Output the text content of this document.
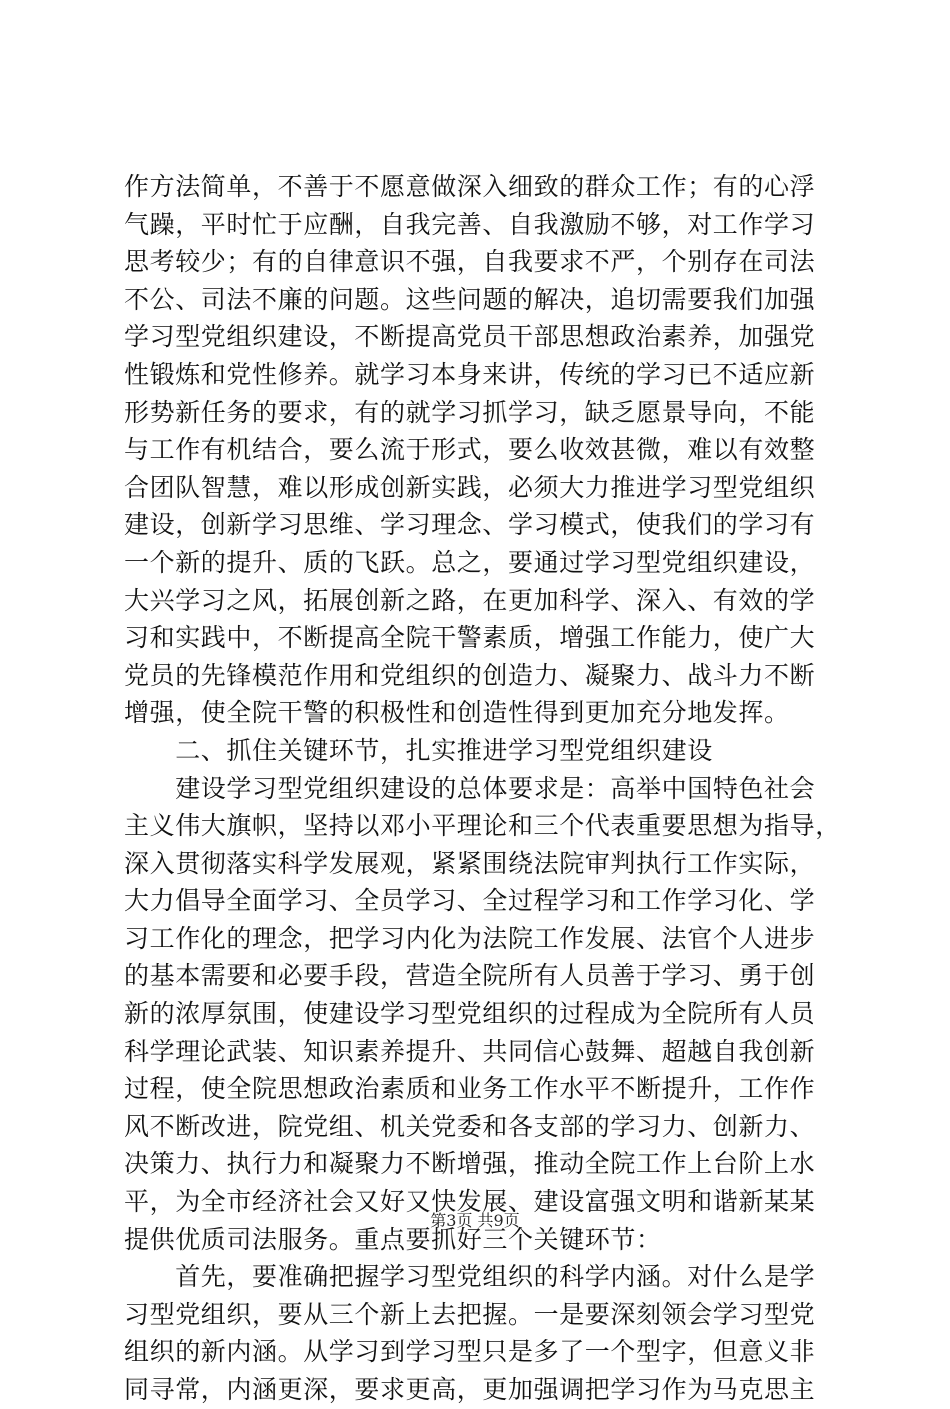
作方法简单，不善于不愿意做深入细致的群众工作；有的心浮
气躁，平时忙于应酬，自我完善、自我激励不够，对工作学习
思考较少；有的自律意识不强，自我要求不严，个别存在司法
不公、司法不廉的问题。这些问题的解决，追切需要我们加强
学习型党组织建设，不断提高党员干部思想政治素养，加强党
性锻炼和党性修养。就学习本身来讲，传统的学习已不适应新
形势新任务的要求，有的就学习抓学习，缺乏愿景导向，不能
与工作有机结合，要么流于形式，要么收效甚微，难以有效整
合团队智慧，难以形成创新实践，必须大力推进学习型党组织
建设，创新学习思维、学习理念、学习模式，使我们的学习有
一个新的提升、质的飞跃。总之，要通过学习型党组织建设，
大兴学习之风，拓展创新之路，在更加科学、深入、有效的学
习和实践中，不断提高全院干警素质，增强工作能力，使广大
党员的先锋模范作用和党组织的创造力、凝聚力、战斗力不断
增强，使全院干警的积极性和创造性得到更加充分地发挥。
　　二、抓住关键环节，扎实推进学习型党组织建设
　　建设学习型党组织建设的总体要求是：高举中国特色社会
主义伟大旗帜，坚持以邓小平理论和三个代表重要思想为指导，
深入贯彻落实科学发展观，紧紧围绕法院审判执行工作实际，
大力倡导全面学习、全员学习、全过程学习和工作学习化、学
习工作化的理念，把学习内化为法院工作发展、法官个人进步
的基本需要和必要手段，营造全院所有人员善于学习、勇于创
新的浓厚氛围，使建设学习型党组织的过程成为全院所有人员
科学理论武装、知识素养提升、共同信心鼓舞、超越自我创新
过程，使全院思想政治素质和业务工作水平不断提升，工作作
风不断改进，院党组、机关党委和各支部的学习力、创新力、
决策力、执行力和凝聚力不断增强，推动全院工作上台阶上水
平，为全市经济社会又好又快发展、建设富强文明和谐新某某
提供优质司法服务。重点要抓好三个关键环节：
　　首先，要准确把握学习型党组织的科学内涵。对什么是学
习型党组织，要从三个新上去把握。一是要深刻领会学习型党
组织的新内涵。从学习到学习型只是多了一个型字，但意义非
同寻常，内涵更深，要求更高，更加强调把学习作为马克思主
第3页 共9页
